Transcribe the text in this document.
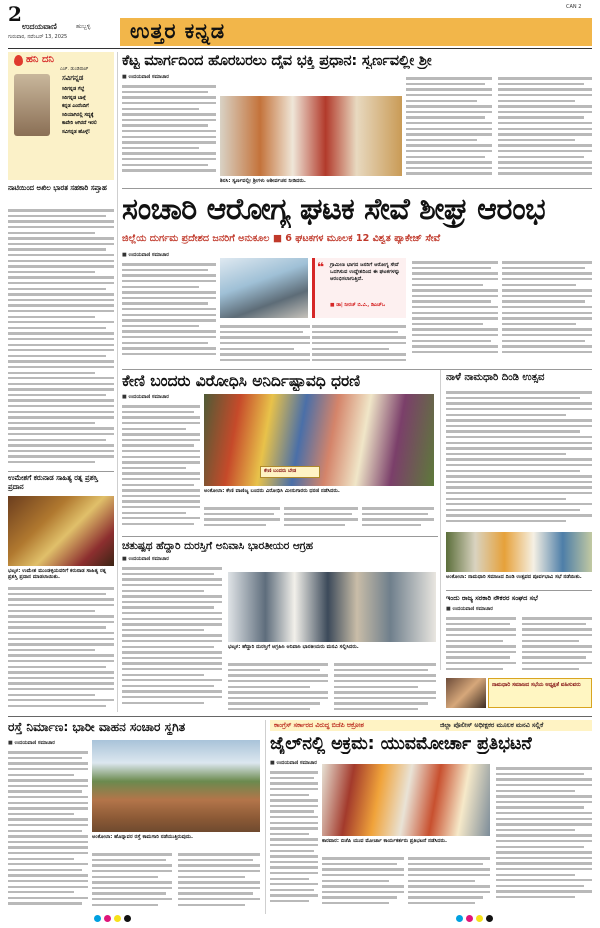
2
ಉದಯವಾಣಿ	ಹುಬ್ಬಳ್ಳಿ
ಗುರುವಾರ, ನವೆಂಬರ್ 13, 2025	ಉತ್ತರ ಕನ್ನಡ
CAN 2
ಹನಿ ದನಿ
ಎಚ್. ಡುಂಡಿರಾಜ್
ಸವಿಗನ್ನಡ
ಸಿರಿಗನ್ನಡ ಗೆಲ್ಲೆ
ಸಿರಿಗನ್ನಡ ಬಾಳ್ಗೆ
ಕನ್ನಡ ಎಂದೆಂದಿಗೆ
ಸಿರಿಯಾಗಿರಲ್ಲಿ ಸದ್ಯಕ್ಕೆ
ಕಾವೇರಿ ಆಗಿರದೆ ಇರಲಿ
ಸವಿಗನ್ನಡ ಹೊಳ್ಗೆ!
ನಾಟಿಯಿಂದ ಅಖಿಲ ಭಾರತ ಸಹಕಾರಿ ಸಪ್ತಾಹ
ಉಮೇಶಗೆ ಕರುನಾಡ ಸಾಹಿತ್ಯ ರತ್ನ ಪ್ರಶಸ್ತಿ ಪ್ರದಾನ
ಭಟ್ಕಳ: ಉಮೇಶ ಮುಂಡಳ್ಳಿಯವರಿಗೆ ಕರುನಾಡ ಸಾಹಿತ್ಯ ರತ್ನ ಪ್ರಶಸ್ತಿ ಪ್ರದಾನ ಮಾಡಲಾಯಿತು.
ಕೆಟ್ಟ ಮಾರ್ಗದಿಂದ ಹೊರಬರಲು ದೈವ ಭಕ್ತಿ ಪ್ರಧಾನ: ಸ್ವರ್ಣವಲ್ಲೀ ಶ್ರೀ
■ ಉದಯವಾಣಿ ಸಮಾಚಾರ
ಶಿರಸಿ: ಸ್ವರ್ಣವಲ್ಲೀ ಶ್ರೀಗಳು ಆಶೀರ್ವಚನ ನೀಡಿದರು.
ಸಂಚಾರಿ ಆರೋಗ್ಯ ಘಟಕ ಸೇವೆ ಶೀಘ್ರ ಆರಂಭ
ಜಿಲ್ಲೆಯ ದುರ್ಗಮ ಪ್ರದೇಶದ ಜನರಿಗೆ ಅನುಕೂಲ ■ 6 ಘಟಕಗಳ ಮೂಲಕ 12 ವಿಶ್ವತ ಪ್ಯಾಕೇಜ್ ಸೇವೆ
■ ಉದಯವಾಣಿ ಸಮಾಚಾರ
❝ ಗ್ರಾಮೀಣ ಭಾಗದ ಜನರಿಗೆ ಆರೋಗ್ಯ ಸೇವೆ ಒದಗಿಸುವ ಉದ್ದೇಶದಿಂದ ಈ ಘಟಕಗಳನ್ನು ಆರಂಭಿಸಲಾಗುತ್ತಿದೆ.
■ ಡಾ| ನೀರಜ್ ಬಿ.ವಿ., ಡಿಎಚ್ಒ
ಕೇಣಿ ಬಂದರು ವಿರೋಧಿಸಿ ಅನಿರ್ದಿಷ್ಟಾವಧಿ ಧರಣಿ
■ ಉದಯವಾಣಿ ಸಮಾಚಾರ
ಕೇಣಿ ಬಂದರು ಬೇಡ
ಅಂಕೋಲಾ: ಕೇಣಿ ವಾಣಿಜ್ಯ ಬಂದರು ವಿರೋಧಿಸಿ ಮೀನುಗಾರರು ಧರಣಿ ನಡೆಸಿದರು.
ನಾಳೆ ನಾಮಧಾರಿ ದಿಂಡಿ ಉತ್ಸವ
ಅಂಕೋಲಾ: ನಾಮಧಾರಿ ಸಮಾಜದ ದಿಂಡಿ ಉತ್ಸವದ ಪೂರ್ವಭಾವಿ ಸಭೆ ನಡೆಯಿತು.
ಇಂದು ರಾಜ್ಯ ಸರಕಾರಿ ನೌಕರರ ಸಂಘದ ಸಭೆ
■ ಉದಯವಾಣಿ ಸಮಾಚಾರ
ನಾಮಧಾರಿ ಸಮಾಜದ ಸಭೆಯ ಅಧ್ಯಕ್ಷತೆ ವಹಿಸುವರು
ಚತುಷ್ಪಥ ಹೆದ್ದಾರಿ ದುರಸ್ತಿಗೆ ಅನಿವಾಸಿ ಭಾರತೀಯರ ಆಗ್ರಹ
■ ಉದಯವಾಣಿ ಸಮಾಚಾರ
ಭಟ್ಕಳ: ಹೆದ್ದಾರಿ ದುರಸ್ತಿಗೆ ಆಗ್ರಹಿಸಿ ಅನಿವಾಸಿ ಭಾರತೀಯರು ಮನವಿ ಸಲ್ಲಿಸಿದರು.
ರಸ್ತೆ ನಿರ್ಮಾಣ: ಭಾರೀ ವಾಹನ ಸಂಚಾರ ಸ್ಥಗಿತ
■ ಉದಯವಾಣಿ ಸಮಾಚಾರ
ಅಂಕೋಲಾ: ಹೊನ್ನಾವರ ರಸ್ತೆ ಕಾಮಗಾರಿ ನಡೆಯುತ್ತಿರುವುದು.
ಕಾಂಗ್ರೆಸ್ ಸರ್ಕಾರದ ವಿರುದ್ಧ ಬಿಜೆಪಿ ಆಕ್ರೋಶ	ಜಿಲ್ಲಾ ಪೊಲೀಸ್ ಅಧೀಕ್ಷಕರ ಮೂಲಕ ಮನವಿ ಸಲ್ಲಿಕೆ
ಜೈಲ್‌ನಲ್ಲಿ ಅಕ್ರಮ: ಯುವಮೋರ್ಚಾ ಪ್ರತಿಭಟನೆ
■ ಉದಯವಾಣಿ ಸಮಾಚಾರ
ಕಾರವಾರ: ಬಿಜೆಪಿ ಯುವ ಮೋರ್ಚಾ ಕಾರ್ಯಕರ್ತರು ಪ್ರತಿಭಟನೆ ನಡೆಸಿದರು.
